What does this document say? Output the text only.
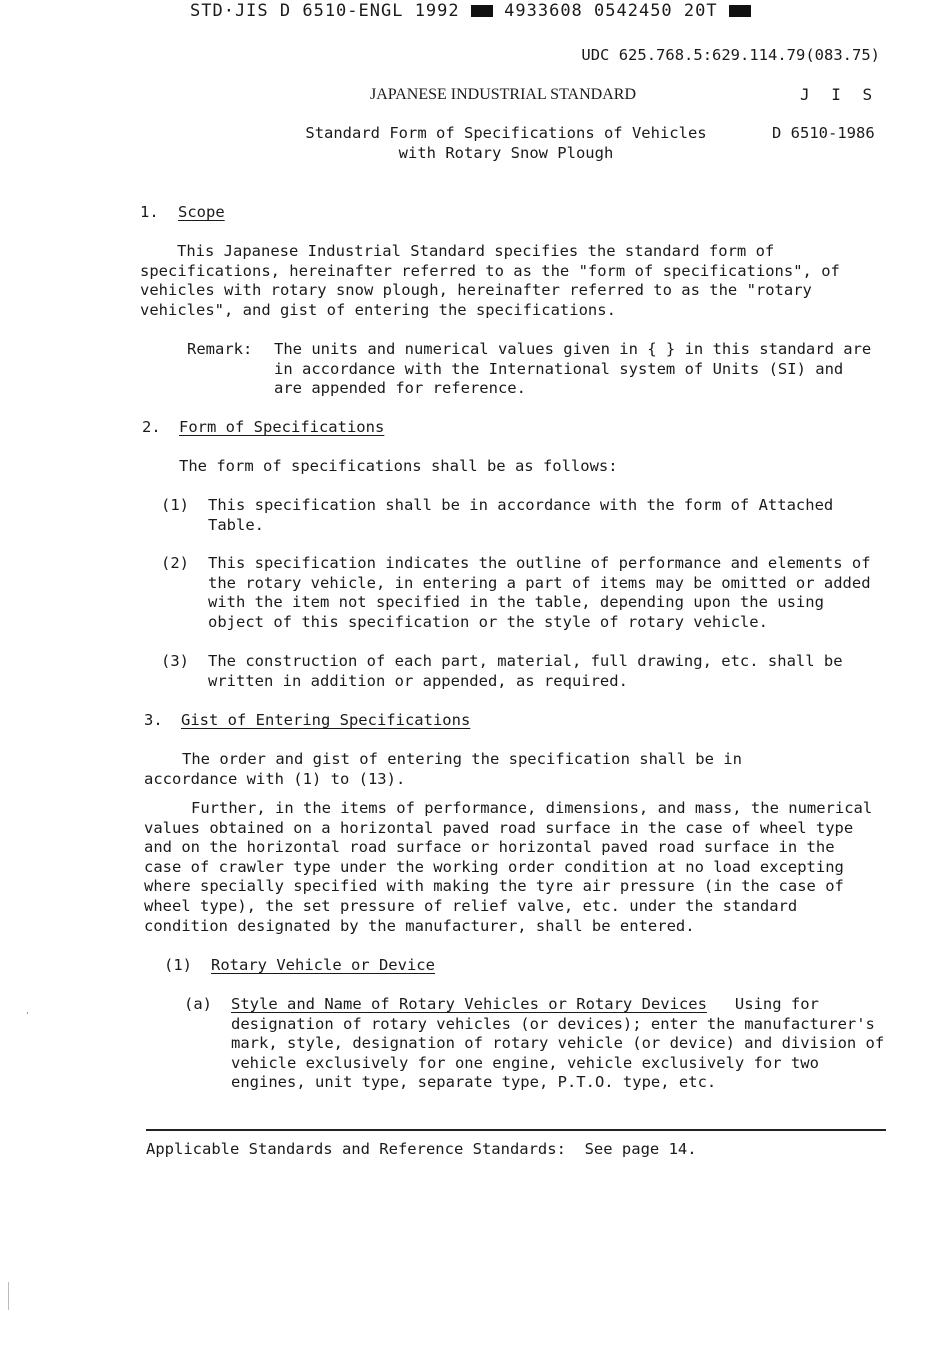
STD·JIS D 6510-ENGL 1992	4933608 0542450 20T
UDC 625.768.5:629.114.79(083.75)
JAPANESE INDUSTRIAL STANDARD	J I S
Standard Form of Specifications of Vehicles with Rotary Snow Plough
D 6510-1986
1. Scope
This Japanese Industrial Standard specifies the standard form of specifications, hereinafter referred to as the "form of specifications", of vehicles with rotary snow plough, hereinafter referred to as the "rotary vehicles", and gist of entering the specifications.
Remark: The units and numerical values given in { } in this standard are in accordance with the International system of Units (SI) and are appended for reference.
2. Form of Specifications
The form of specifications shall be as follows:
(1) This specification shall be in accordance with the form of Attached Table.
(2) This specification indicates the outline of performance and elements of the rotary vehicle, in entering a part of items may be omitted or added with the item not specified in the table, depending upon the using object of this specification or the style of rotary vehicle.
(3) The construction of each part, material, full drawing, etc. shall be written in addition or appended, as required.
3. Gist of Entering Specifications
The order and gist of entering the specification shall be in accordance with (1) to (13).
Further, in the items of performance, dimensions, and mass, the numerical values obtained on a horizontal paved road surface in the case of wheel type and on the horizontal road surface or horizontal paved road surface in the case of crawler type under the working order condition at no load excepting where specially specified with making the tyre air pressure (in the case of wheel type), the set pressure of relief valve, etc. under the standard condition designated by the manufacturer, shall be entered.
(1) Rotary Vehicle or Device
(a) Style and Name of Rotary Vehicles or Rotary Devices Using for designation of rotary vehicles (or devices); enter the manufacturer's mark, style, designation of rotary vehicle (or device) and division of vehicle exclusively for one engine, vehicle exclusively for two engines, unit type, separate type, P.T.O. type, etc.
Applicable Standards and Reference Standards:  See page 14.
